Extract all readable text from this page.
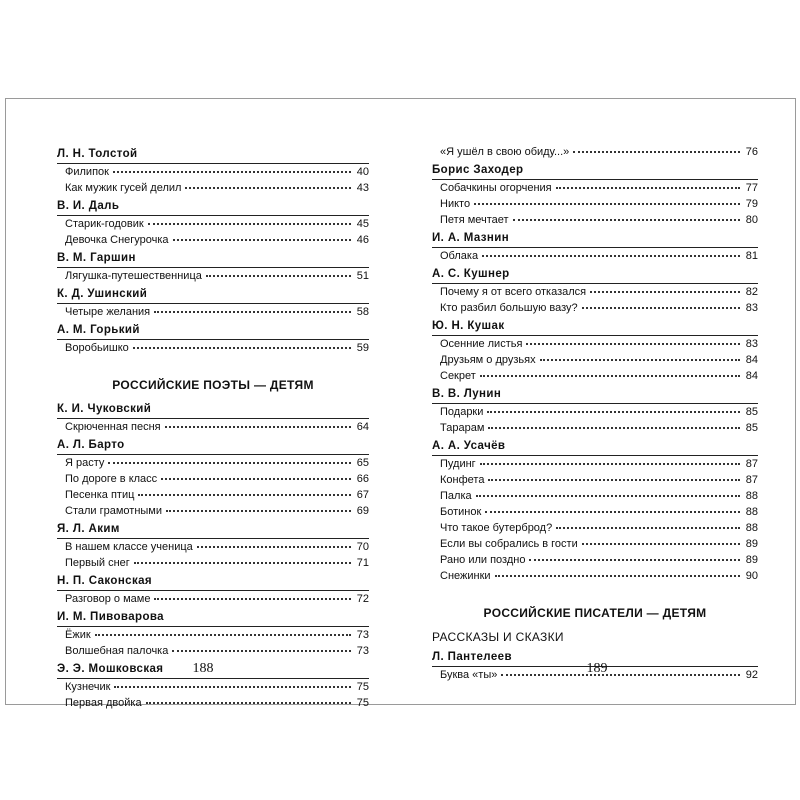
Л. Н. Толстой
Филипок	40
Как мужик гусей делил	43
В. И. Даль
Старик-годовик	45
Девочка Снегурочка	46
В. М. Гаршин
Лягушка-путешественница	51
К. Д. Ушинский
Четыре желания	58
А. М. Горький
Воробьишко	59
РОССИЙСКИЕ ПОЭТЫ — ДЕТЯМ
К. И. Чуковский
Скрюченная песня	64
А. Л. Барто
Я расту	65
По дороге в класс	66
Песенка птиц	67
Стали грамотными	69
Я. Л. Аким
В нашем классе ученица	70
Первый снег	71
Н. П. Саконская
Разговор о маме	72
И. М. Пивоварова
Ёжик	73
Волшебная палочка	73
Э. Э. Мошковская
Кузнечик	75
Первая двойка	75
188
«Я ушёл в свою обиду...»	76
Борис Заходер
Собачкины огорчения	77
Никто	79
Петя мечтает	80
И. А. Мазнин
Облака	81
А. С. Кушнер
Почему я от всего отказался	82
Кто разбил большую вазу?	83
Ю. Н. Кушак
Осенние листья	83
Друзьям о друзьях	84
Секрет	84
В. В. Лунин
Подарки	85
Тарарам	85
А. А. Усачёв
Пудинг	87
Конфета	87
Палка	88
Ботинок	88
Что такое бутерброд?	88
Если вы собрались в гости	89
Рано или поздно	89
Снежинки	90
РОССИЙСКИЕ ПИСАТЕЛИ — ДЕТЯМ
РАССКАЗЫ И СКАЗКИ
Л. Пантелеев
Буква «ты»	92
189
